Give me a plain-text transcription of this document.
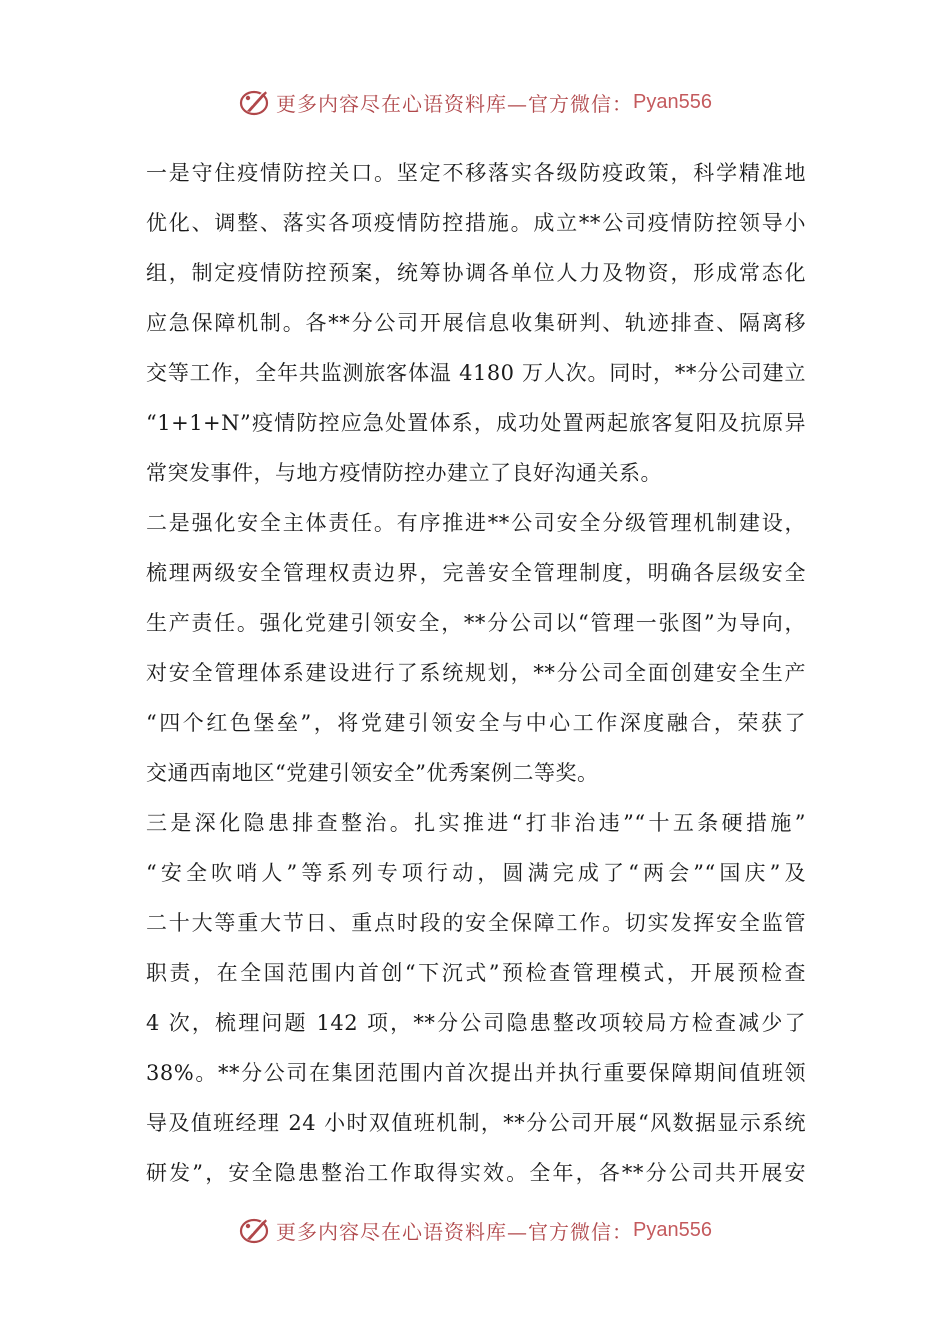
更多内容尽在心语资料库—官方微信： Pyan556
一是守住疫情防控关口。坚定不移落实各级防疫政策，科学精准地
优化、调整、落实各项疫情防控措施。成立**公司疫情防控领导小
组，制定疫情防控预案，统筹协调各单位人力及物资，形成常态化
应急保障机制。各**分公司开展信息收集研判、轨迹排查、隔离移
交等工作，全年共监测旅客体温 4180 万人次。同时，**分公司建立
“1+1+N”疫情防控应急处置体系，成功处置两起旅客复阳及抗原异
常突发事件，与地方疫情防控办建立了良好沟通关系。
二是强化安全主体责任。有序推进**公司安全分级管理机制建设，
梳理两级安全管理权责边界，完善安全管理制度，明确各层级安全
生产责任。强化党建引领安全，**分公司以“管理一张图”为导向，
对安全管理体系建设进行了系统规划，**分公司全面创建安全生产
“四个红色堡垒”，将党建引领安全与中心工作深度融合，荣获了
交通西南地区“党建引领安全”优秀案例二等奖。
三是深化隐患排查整治。扎实推进“打非治违”“十五条硬措施”
“安全吹哨人”等系列专项行动，圆满完成了“两会”“国庆”及
二十大等重大节日、重点时段的安全保障工作。切实发挥安全监管
职责，在全国范围内首创“下沉式”预检查管理模式，开展预检查
4 次，梳理问题 142 项，**分公司隐患整改项较局方检查减少了
38%。**分公司在集团范围内首次提出并执行重要保障期间值班领
导及值班经理 24 小时双值班机制，**分公司开展“风数据显示系统
研发”，安全隐患整治工作取得实效。全年，各**分公司共开展安
更多内容尽在心语资料库—官方微信： Pyan556
